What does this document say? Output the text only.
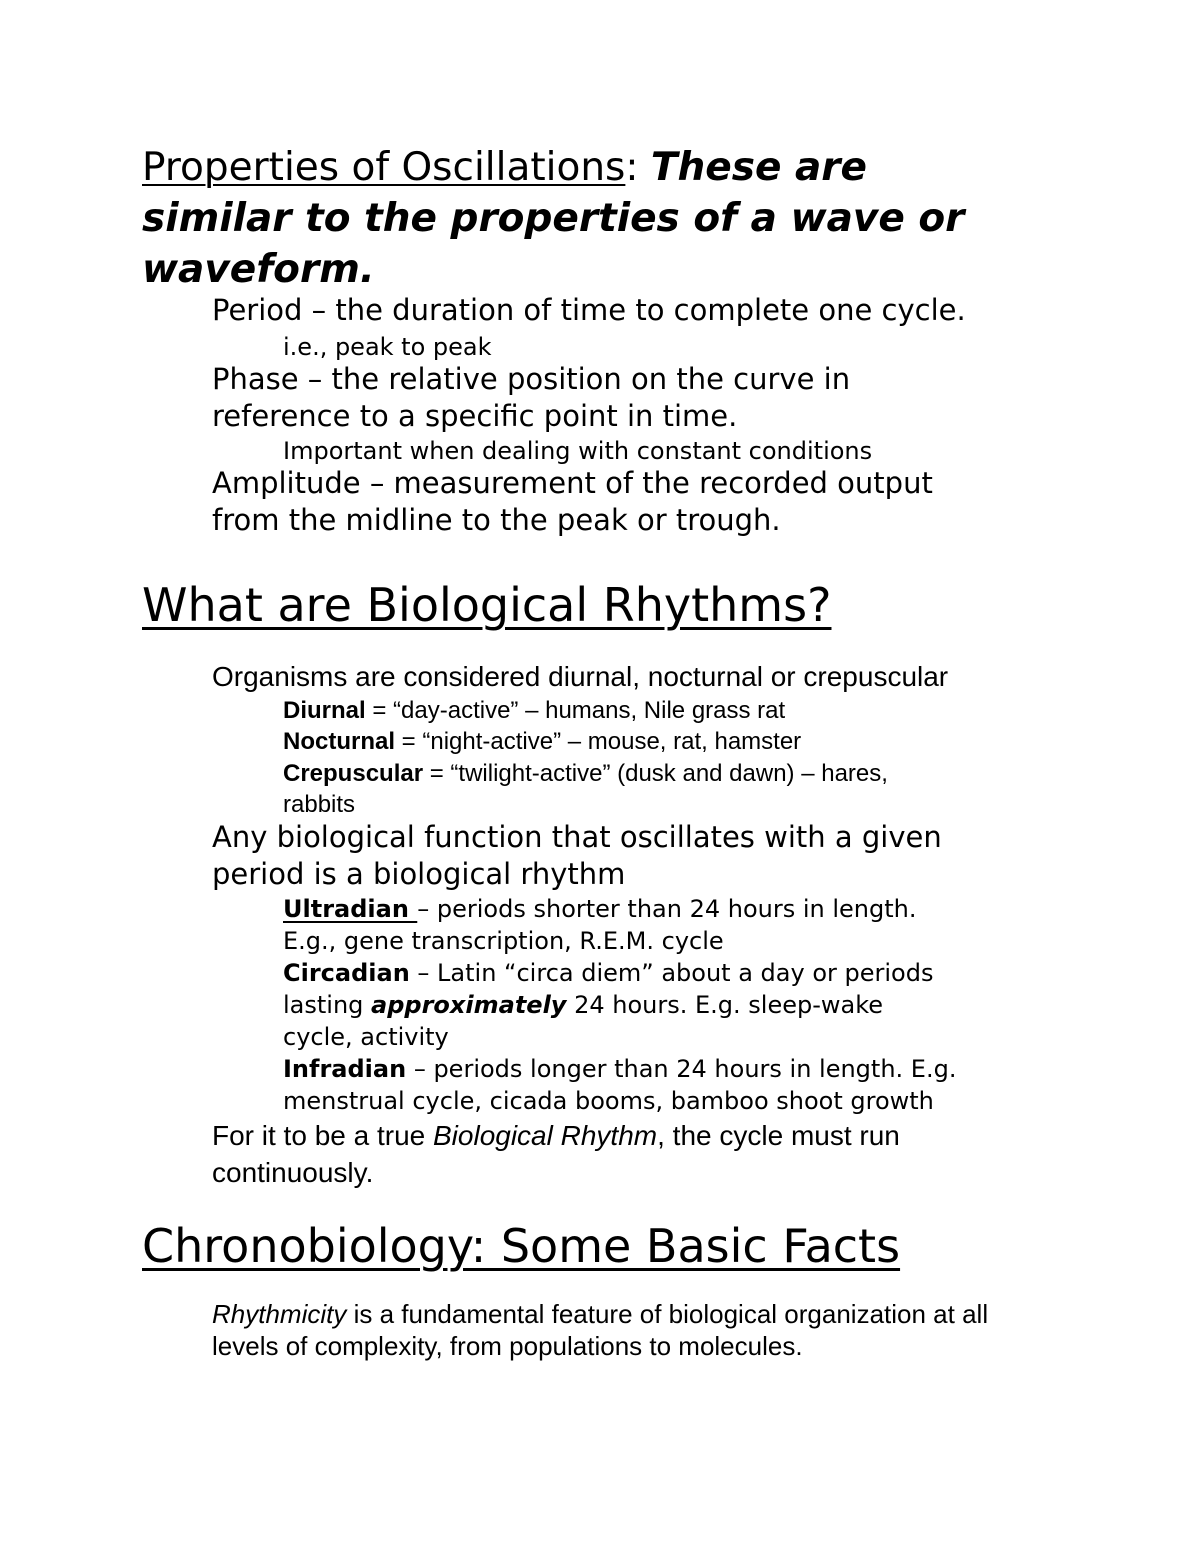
Properties of Oscillations: These are
similar to the properties of a wave or
waveform.
Period – the duration of time to complete one cycle.
i.e., peak to peak
Phase – the relative position on the curve in
reference to a specific point in time.
Important when dealing with constant conditions
Amplitude – measurement of the recorded output
from the midline to the peak or trough.
What are Biological Rhythms?
Organisms are considered diurnal, nocturnal or crepuscular
Diurnal = “day-active” – humans, Nile grass rat
Nocturnal = “night-active” – mouse, rat, hamster
Crepuscular = “twilight-active” (dusk and dawn) – hares,
rabbits
Any biological function that oscillates with a given
period is a biological rhythm
Ultradian – periods shorter than 24 hours in length.
E.g., gene transcription, R.E.M. cycle
Circadian – Latin “circa diem” about a day or periods
lasting approximately 24 hours. E.g. sleep-wake
cycle, activity
Infradian – periods longer than 24 hours in length. E.g.
menstrual cycle, cicada booms, bamboo shoot growth
For it to be a true Biological Rhythm, the cycle must run
continuously.
Chronobiology: Some Basic Facts
Rhythmicity is a fundamental feature of biological organization at all
levels of complexity, from populations to molecules.
